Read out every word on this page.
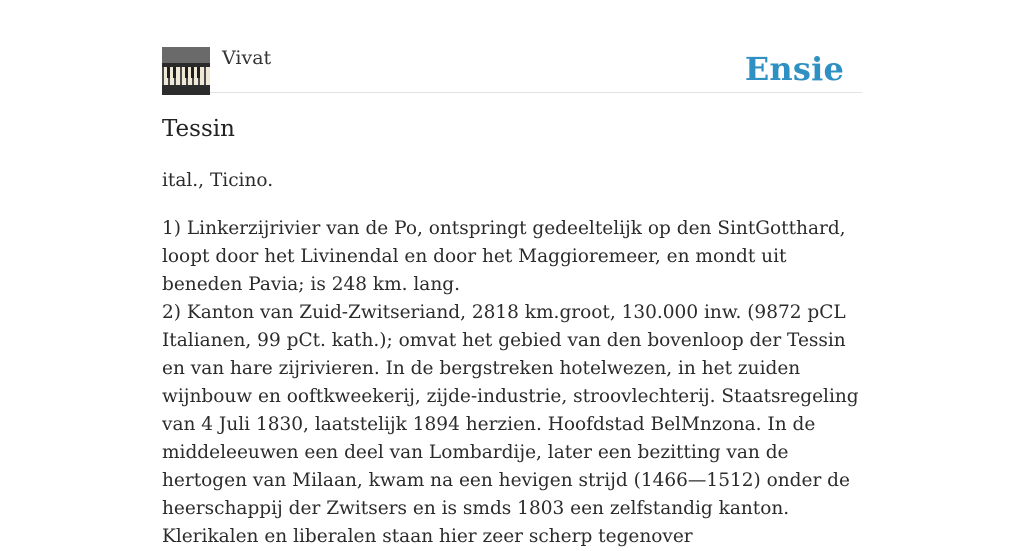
Vivat	Ensie
Tessin

ital., Ticino.

1) Linkerzijrivier van de Po, ontspringt gedeeltelijk op den SintGotthard, loopt door het Livinendal en door het Maggioremeer, en mondt uit beneden Pavia; is 248 km. lang.
2) Kanton van Zuid-Zwitseriand, 2818 km.groot, 130.000 inw. (9872 pCL Italianen, 99 pCt. kath.); omvat het gebied van den bovenloop der Tessin en van hare zijrivieren. In de bergstreken hotelwezen, in het zuiden wijnbouw en ooftkweekerij, zijde-industrie, stroovlechterij. Staatsregeling van 4 Juli 1830, laatstelijk 1894 herzien. Hoofdstad BelMnzona. In de middeleeuwen een deel van Lombardije, later een bezitting van de hertogen van Milaan, kwam na een hevigen strijd (1466—1512) onder de heerschappij der Zwitsers en is smds 1803 een zelfstandig kanton. Klerikalen en liberalen staan hier zeer scherp tegenover
